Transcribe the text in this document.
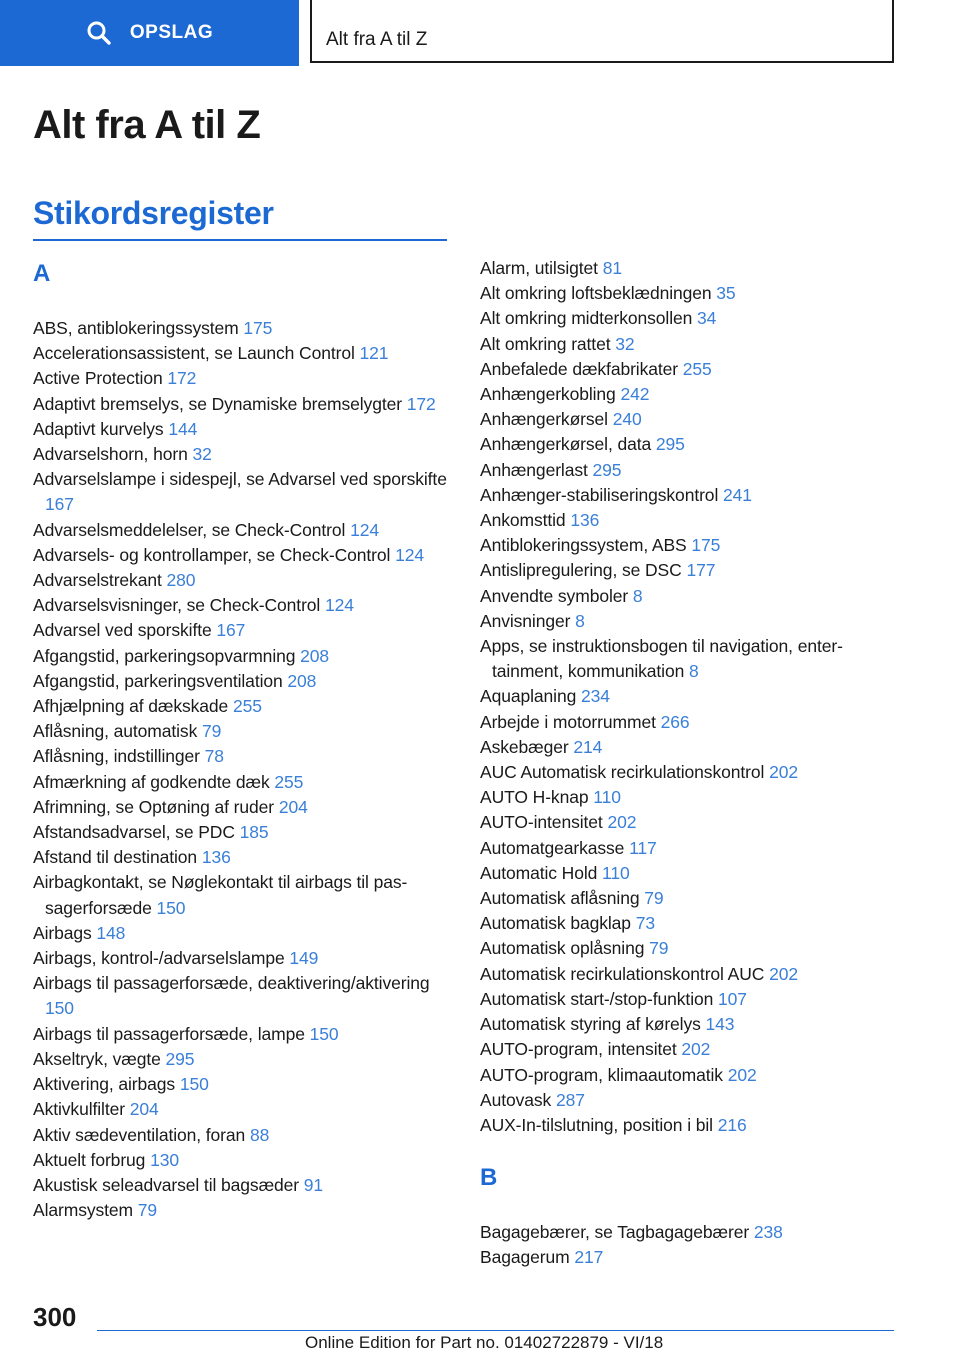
OPSLAG	Alt fra A til Z
Alt fra A til Z
Stikordsregister
A
ABS, antiblokeringssystem 175
Accelerationsassistent, se Launch Control 121
Active Protection 172
Adaptivt bremselys, se Dynamiske bremselygter 172
Adaptivt kurvelys 144
Advarselshorn, horn 32
Advarselslampe i sidespejl, se Advarsel ved sporskifte 167
Advarselsmeddelelser, se Check-Control 124
Advarsels- og kontrollamper, se Check-Control 124
Advarselstrekant 280
Advarselsvisninger, se Check-Control 124
Advarsel ved sporskifte 167
Afgangstid, parkeringsopvarmning 208
Afgangstid, parkeringsventilation 208
Afhjælpning af dækskade 255
Aflåsning, automatisk 79
Aflåsning, indstillinger 78
Afmærkning af godkendte dæk 255
Afrimning, se Optøning af ruder 204
Afstandsadvarsel, se PDC 185
Afstand til destination 136
Airbagkontakt, se Nøglekontakt til airbags til passagerforsæde 150
Airbags 148
Airbags, kontrol-/advarselslampe 149
Airbags til passagerforsæde, deaktivering/aktivering 150
Airbags til passagerforsæde, lampe 150
Akseltryk, vægte 295
Aktivering, airbags 150
Aktivkulfilter 204
Aktiv sædeventilation, foran 88
Aktuelt forbrug 130
Akustisk seleadvarsel til bagsæder 91
Alarmsystem 79
Alarm, utilsigtet 81
Alt omkring loftsbeklædningen 35
Alt omkring midterkonsollen 34
Alt omkring rattet 32
Anbefalede dækfabrikater 255
Anhængerkobling 242
Anhængerkørsel 240
Anhængerkørsel, data 295
Anhængerlast 295
Anhænger-stabiliseringskontrol 241
Ankomsttid 136
Antiblokeringssystem, ABS 175
Antislipregulering, se DSC 177
Anvendte symboler 8
Anvisninger 8
Apps, se instruktionsbogen til navigation, entertainment, kommunikation 8
Aquaplaning 234
Arbejde i motorrummet 266
Askebæger 214
AUC Automatisk recirkulationskontrol 202
AUTO H-knap 110
AUTO-intensitet 202
Automatgearkasse 117
Automatic Hold 110
Automatisk aflåsning 79
Automatisk bagklap 73
Automatisk oplåsning 79
Automatisk recirkulationskontrol AUC 202
Automatisk start-/stop-funktion 107
Automatisk styring af kørelys 143
AUTO-program, intensitet 202
AUTO-program, klimaautomatik 202
Autovask 287
AUX-In-tilslutning, position i bil 216
B
Bagagebærer, se Tagbagagebærer 238
Bagagerum 217
300
Online Edition for Part no. 01402722879 - VI/18
